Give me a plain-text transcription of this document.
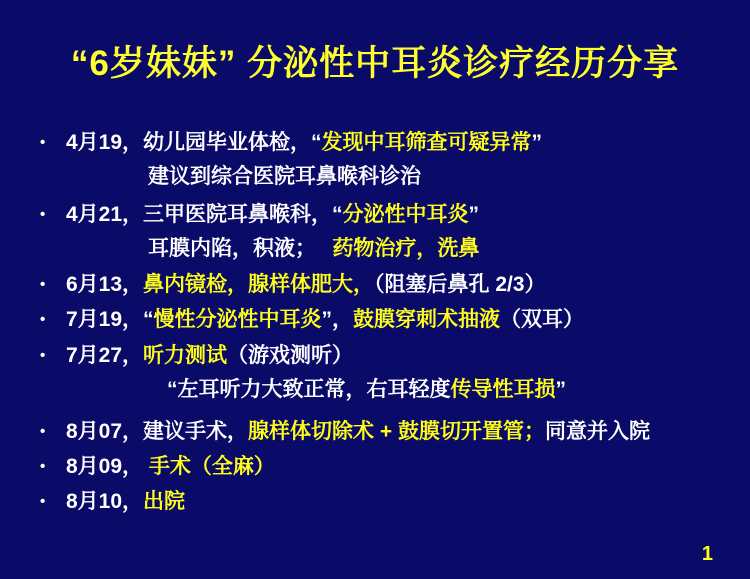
“6岁妹妹” 分泌性中耳炎诊疗经历分享
• 4月19，幼儿园毕业体检，“发现中耳筛查可疑异常”
建议到综合医院耳鼻喉科诊治
• 4月21，三甲医院耳鼻喉科，“分泌性中耳炎”
耳膜内陷，积液；　 药物治疗，洗鼻
• 6月13，鼻内镜检，腺样体肥大，（阻塞后鼻孔 2/3）
• 7月19，“慢性分泌性中耳炎”，鼓膜穿刺术抽液（双耳）
• 7月27，听力测试（游戏测听）
“左耳听力大致正常，右耳轻度传导性耳损”
• 8月07，建议手术，腺样体切除术 + 鼓膜切开置管；同意并入院
• 8月09， 手术（全麻）
• 8月10，出院
1
